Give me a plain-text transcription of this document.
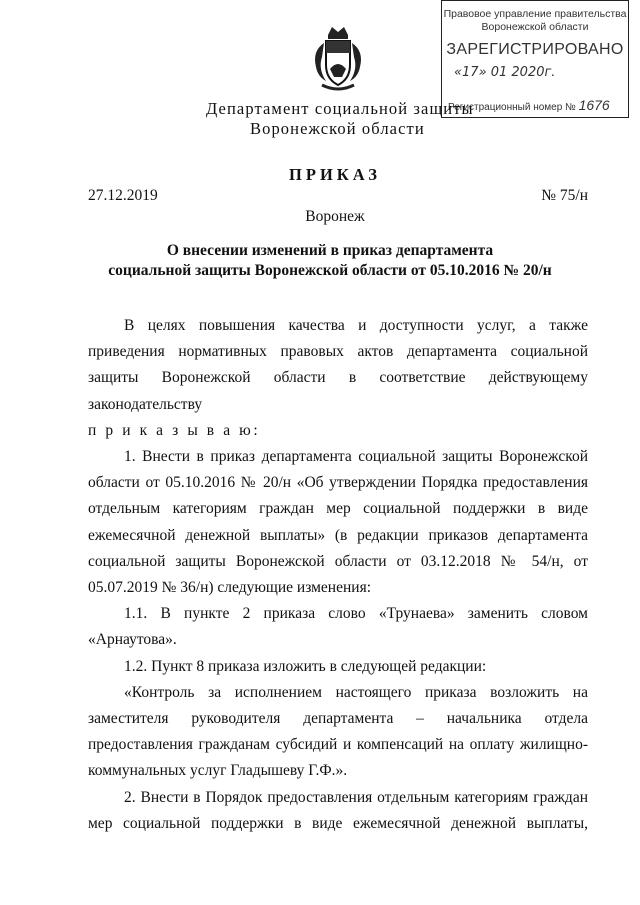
Правовое управление правительства
Воронежской области
ЗАРЕГИСТРИРОВАНО
«17» 01 2020г.
Регистрационный номер № 1676
Департамент социальной защиты
Воронежской области
ПРИКАЗ
27.12.2019	№ 75/н
Воронеж
О внесении изменений в приказ департамента
социальной защиты Воронежской области от 05.10.2016 № 20/н

В целях повышения качества и доступности услуг, а также приведения нормативных правовых актов департамента социальной защиты Воронежской области в соответствие действующему законодательству

п р и к а з ы в а ю:

1. Внести в приказ департамента социальной защиты Воронежской области от 05.10.2016 № 20/н «Об утверждении Порядка предоставления отдельным категориям граждан мер социальной поддержки в виде ежемесячной денежной выплаты» (в редакции приказов департамента социальной защиты Воронежской области от 03.12.2018 № 54/н, от 05.07.2019 № 36/н) следующие изменения:

1.1. В пункте 2 приказа слово «Трунаева» заменить словом «Арнаутова».

1.2. Пункт 8 приказа изложить в следующей редакции:

«Контроль за исполнением настоящего приказа возложить на заместителя руководителя департамента – начальника отдела предоставления гражданам субсидий и компенсаций на оплату жилищно-коммунальных услуг Гладышеву Г.Ф.».

2. Внести в Порядок предоставления отдельным категориям граждан мер социальной поддержки в виде ежемесячной денежной выплаты,
